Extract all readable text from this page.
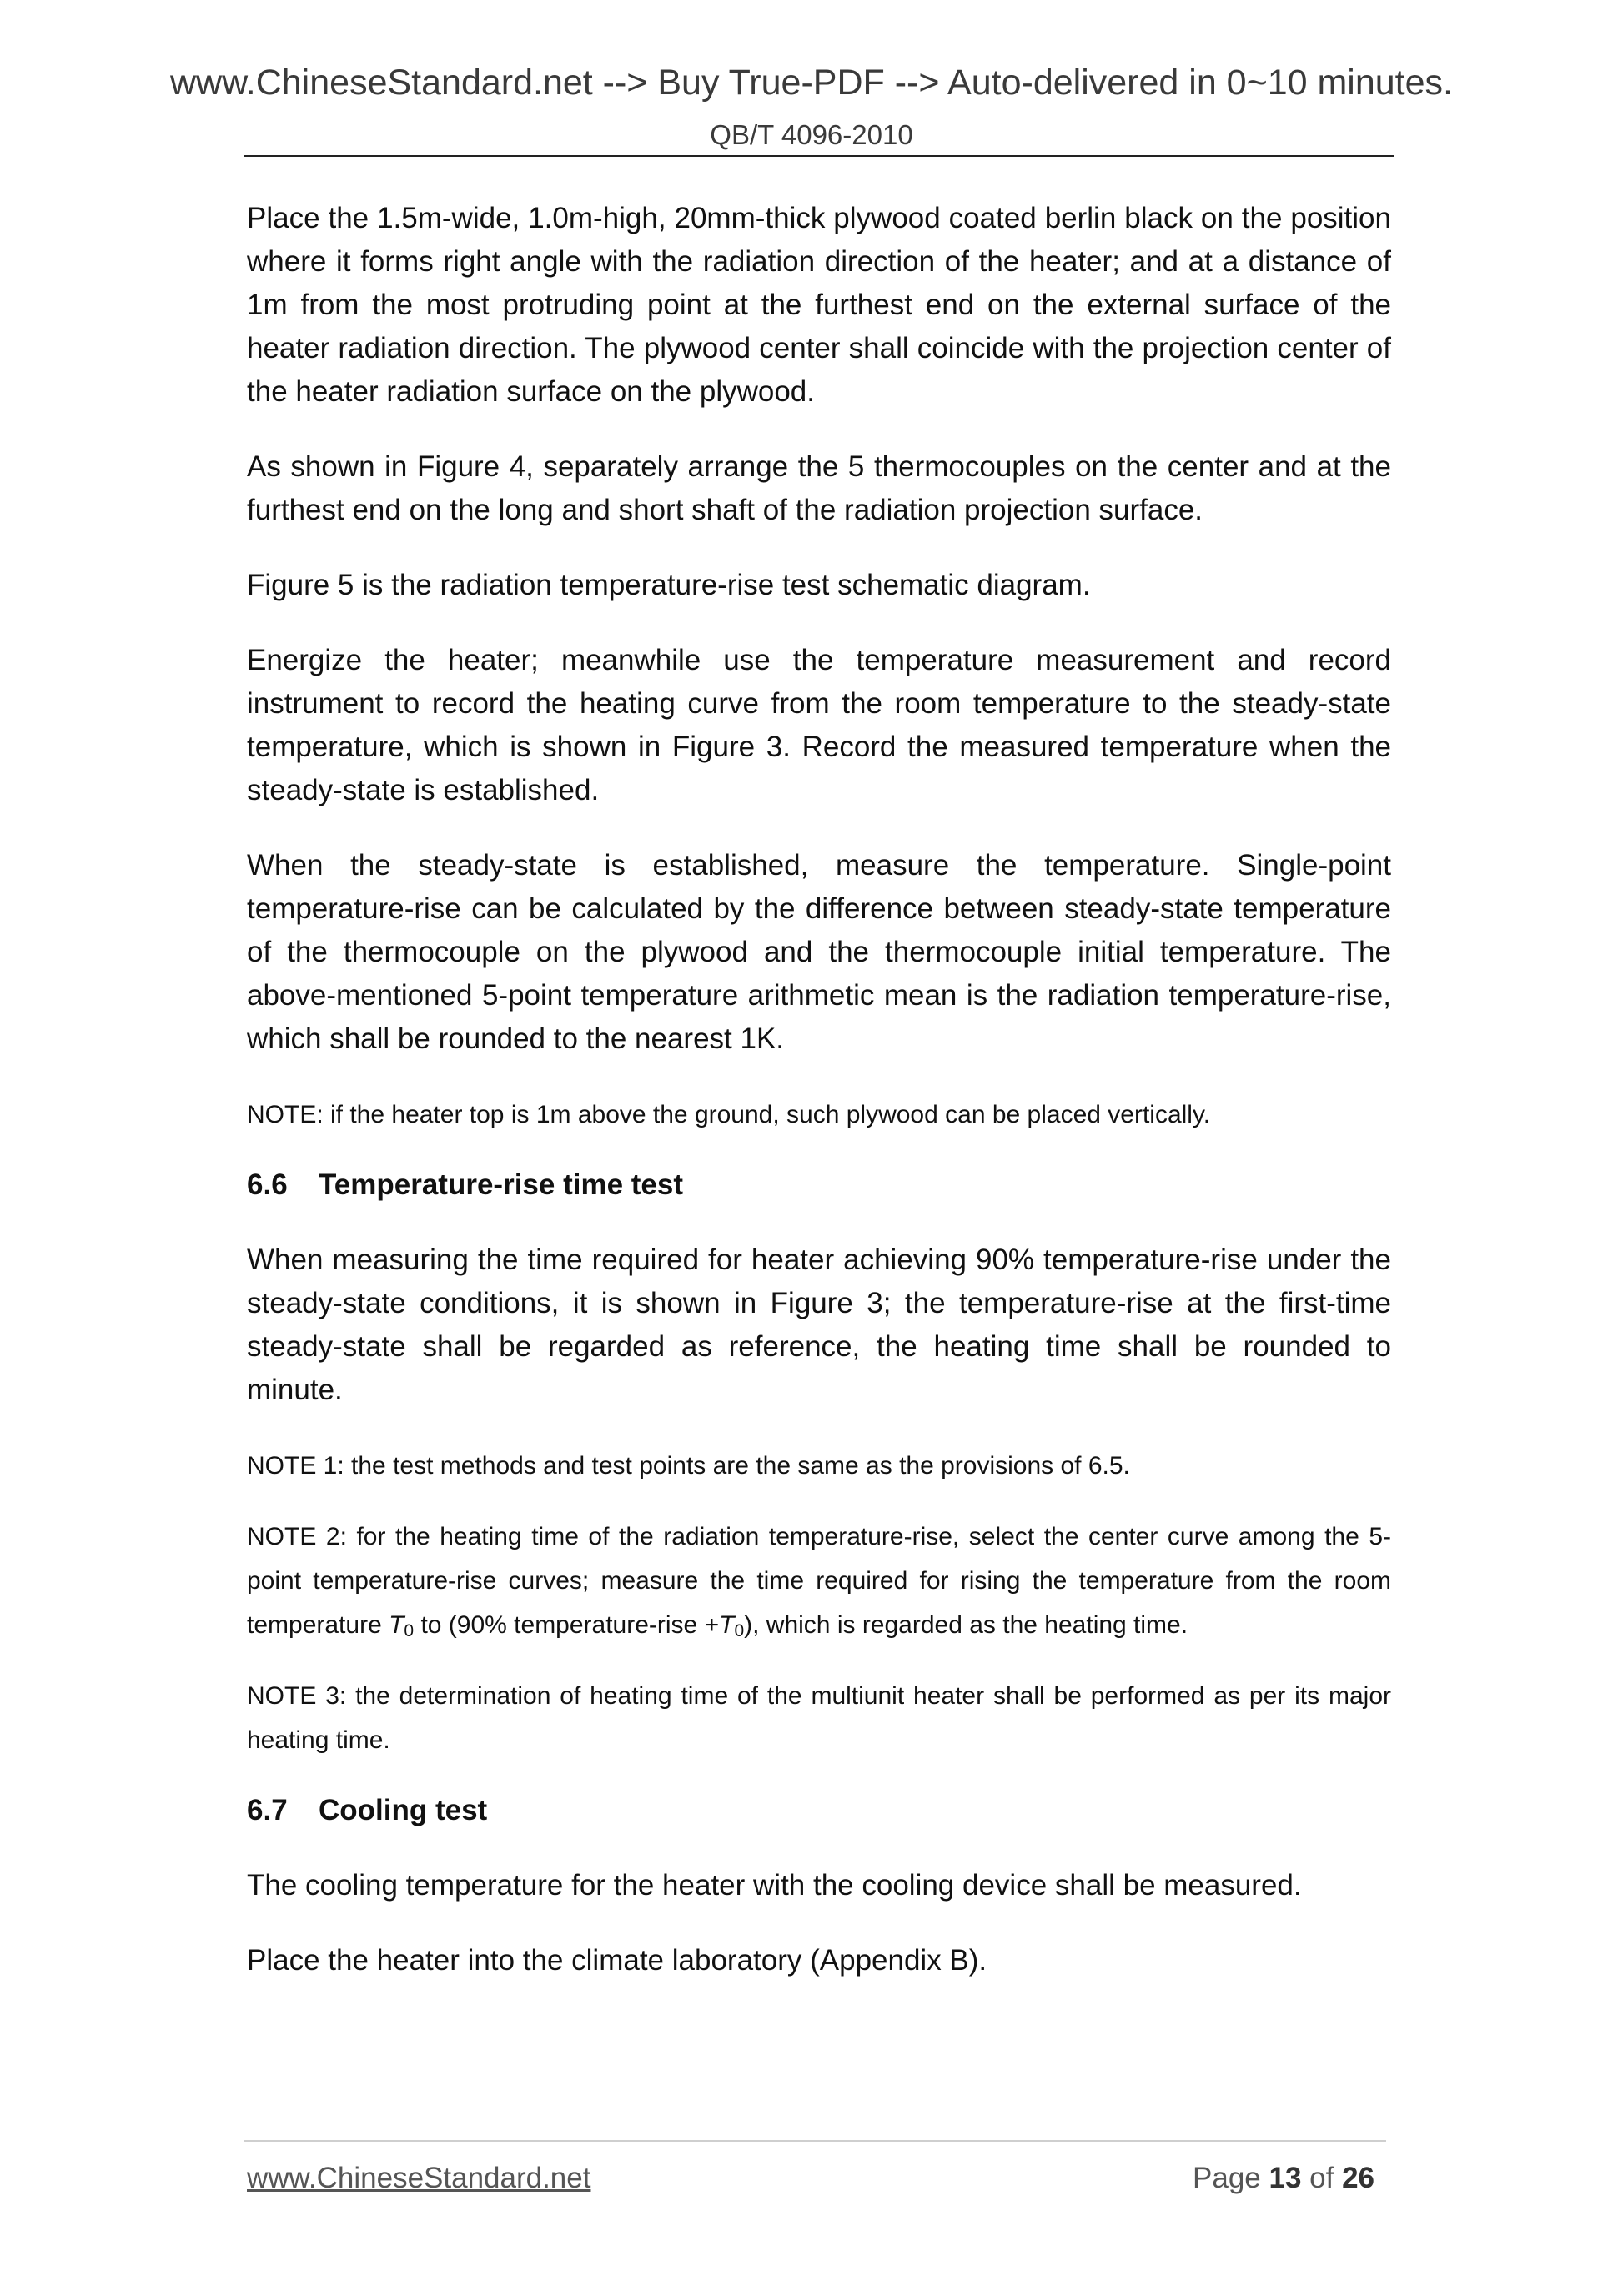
www.ChineseStandard.net --> Buy True-PDF --> Auto-delivered in 0~10 minutes.
QB/T 4096-2010

Place the 1.5m-wide, 1.0m-high, 20mm-thick plywood coated berlin black on the position where it forms right angle with the radiation direction of the heater; and at a distance of 1m from the most protruding point at the furthest end on the external surface of the heater radiation direction. The plywood center shall coincide with the projection center of the heater radiation surface on the plywood.

As shown in Figure 4, separately arrange the 5 thermocouples on the center and at the furthest end on the long and short shaft of the radiation projection surface.

Figure 5 is the radiation temperature-rise test schematic diagram.

Energize the heater; meanwhile use the temperature measurement and record instrument to record the heating curve from the room temperature to the steady-state temperature, which is shown in Figure 3. Record the measured temperature when the steady-state is established.

When the steady-state is established, measure the temperature. Single-point temperature-rise can be calculated by the difference between steady-state temperature of the thermocouple on the plywood and the thermocouple initial temperature. The above-mentioned 5-point temperature arithmetic mean is the radiation temperature-rise, which shall be rounded to the nearest 1K.

NOTE: if the heater top is 1m above the ground, such plywood can be placed vertically.

6.6 Temperature-rise time test

When measuring the time required for heater achieving 90% temperature-rise under the steady-state conditions, it is shown in Figure 3; the temperature-rise at the first-time steady-state shall be regarded as reference, the heating time shall be rounded to minute.

NOTE 1: the test methods and test points are the same as the provisions of 6.5.

NOTE 2: for the heating time of the radiation temperature-rise, select the center curve among the 5-point temperature-rise curves; measure the time required for rising the temperature from the room temperature $T_0$ to (90% temperature-rise $+T_0$), which is regarded as the heating time.

NOTE 3: the determination of heating time of the multiunit heater shall be performed as per its major heating time.

6.7 Cooling test

The cooling temperature for the heater with the cooling device shall be measured.

Place the heater into the climate laboratory (Appendix B).

www.ChineseStandard.net	Page 13 of 26
